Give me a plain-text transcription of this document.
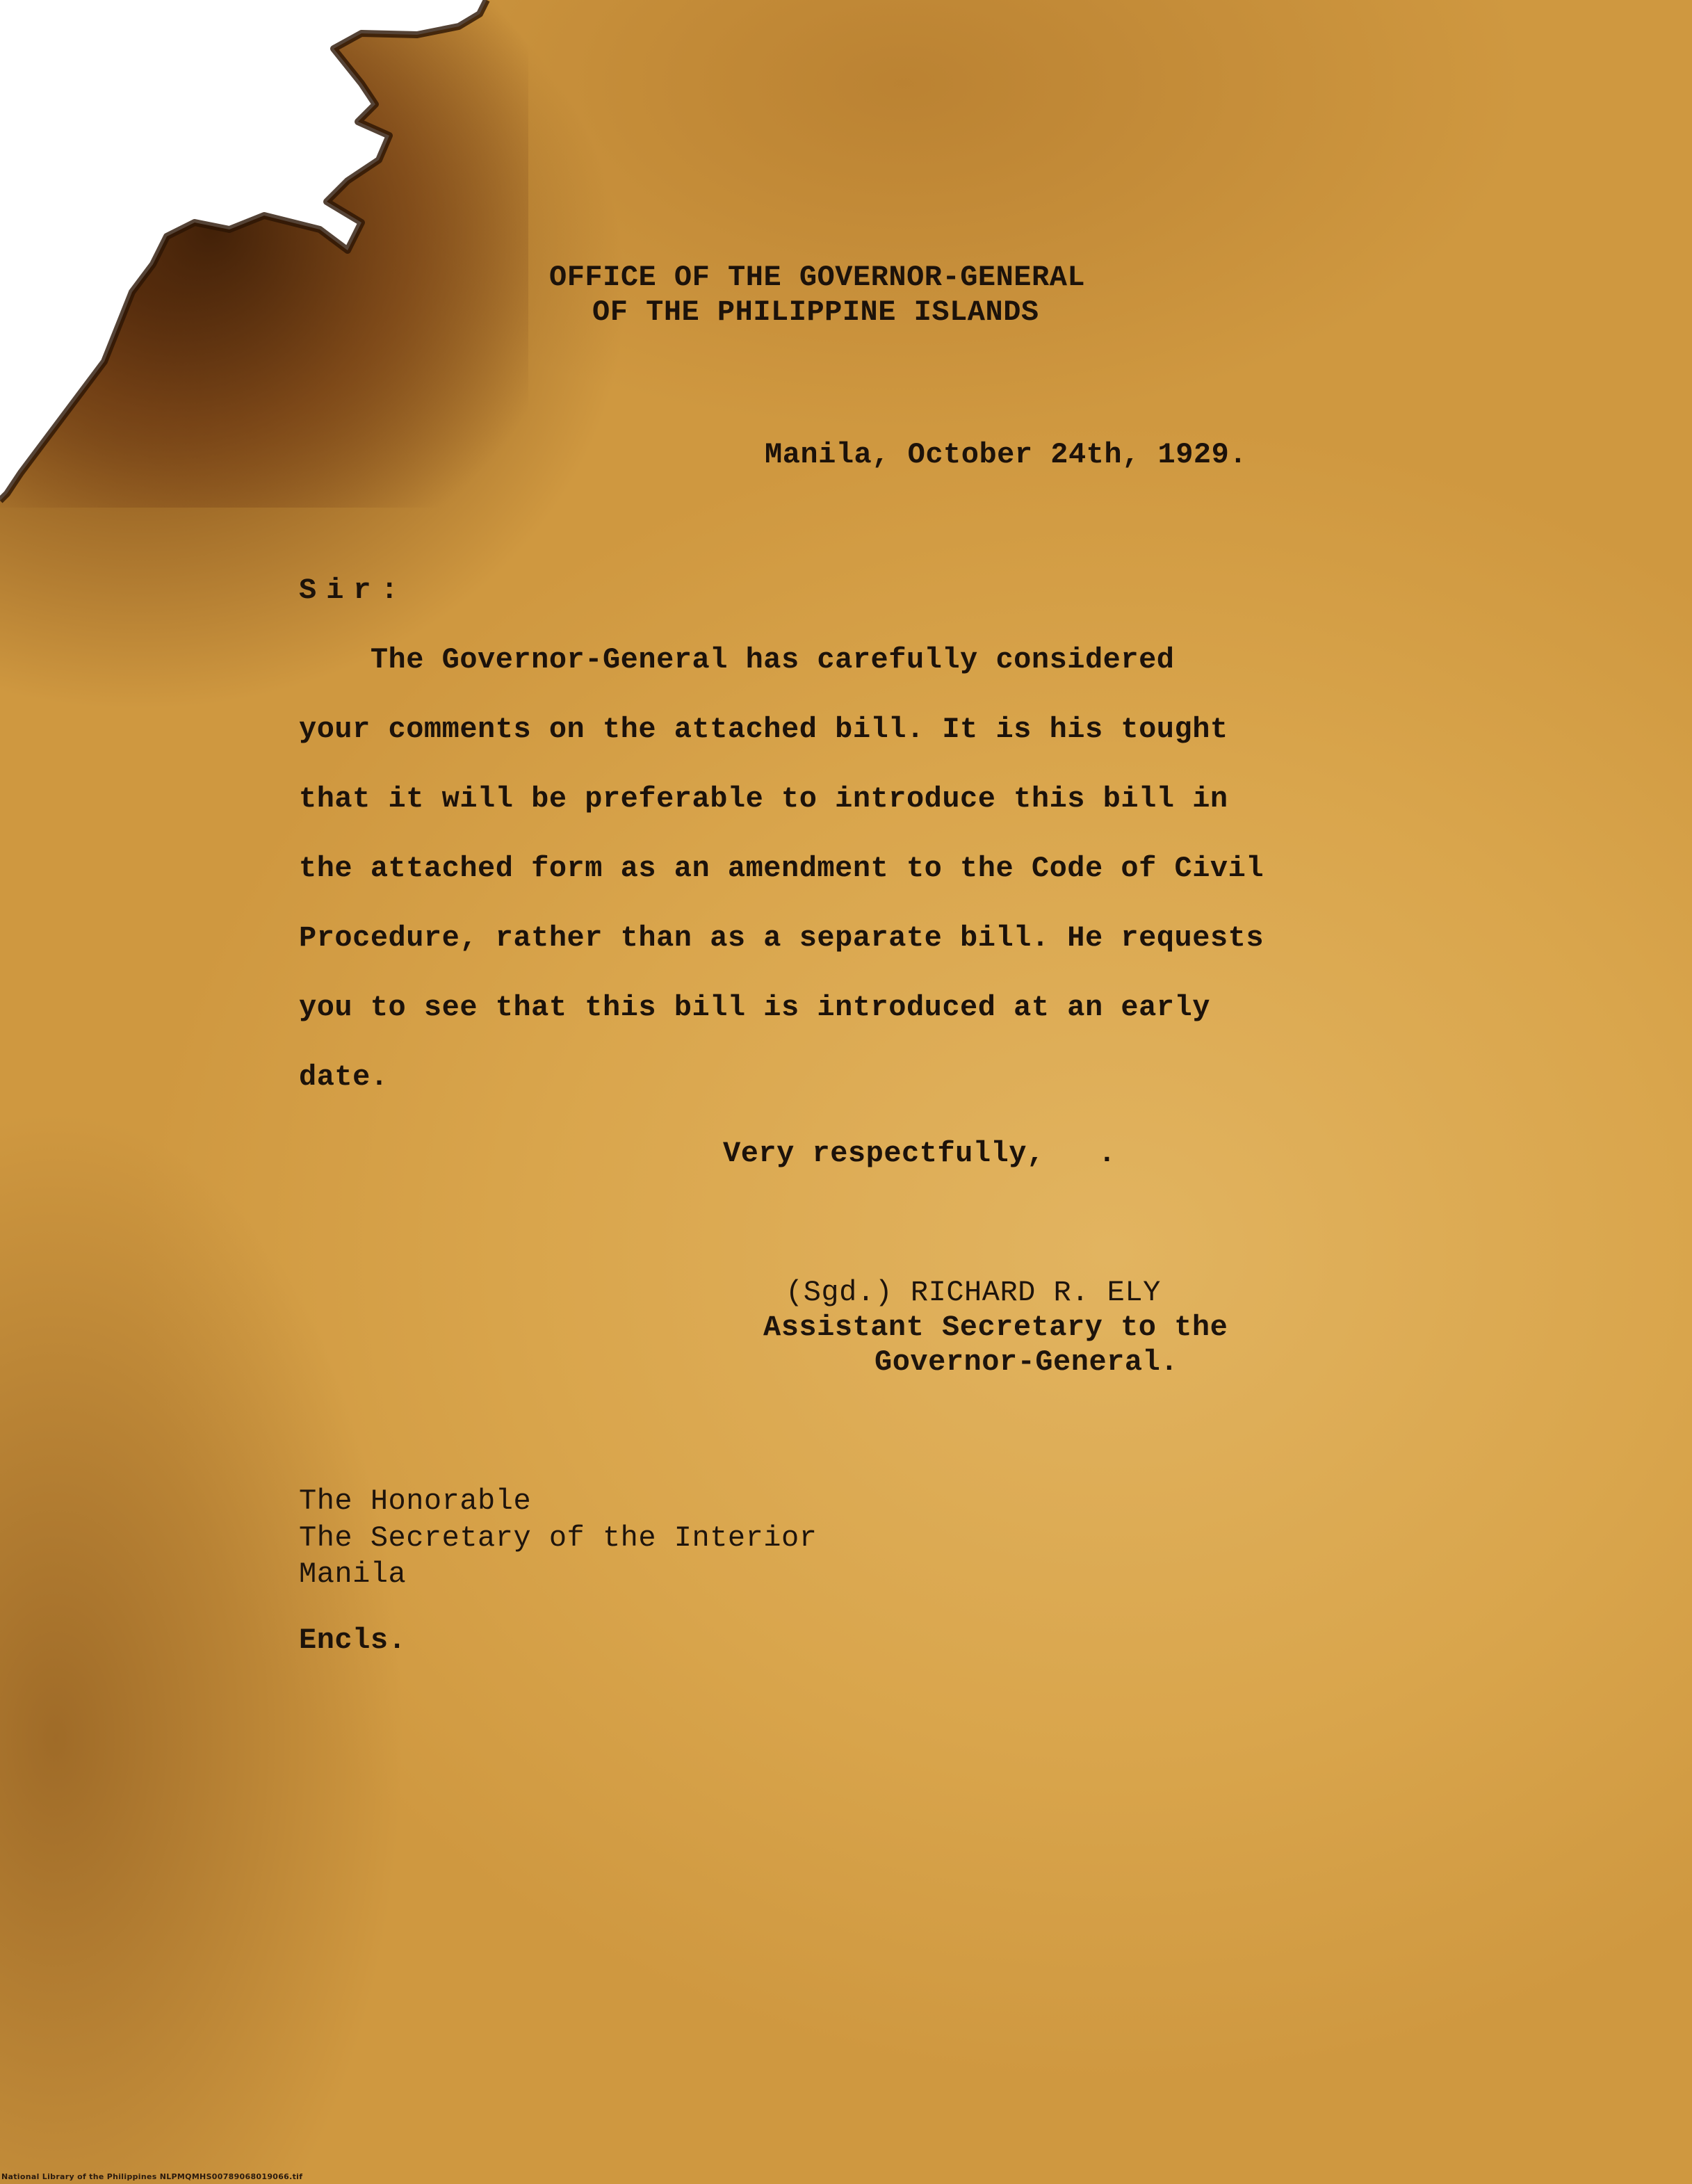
OFFICE OF THE GOVERNOR-GENERAL
OF THE PHILIPPINE ISLANDS
Manila, October 24th, 1929.
Sir:
The Governor-General has carefully considered
your comments on the attached bill. It is his tought
that it will be preferable to introduce this bill in
the attached form as an amendment to the Code of Civil
Procedure, rather than as a separate bill. He requests
you to see that this bill is introduced at an early
date.
Very respectfully,   .
(Sgd.) RICHARD R. ELY
Assistant Secretary to the
Governor-General.
The Honorable
The Secretary of the Interior
Manila
Encls.
National Library of the Philippines NLPMQMHS00789068019066.tif
